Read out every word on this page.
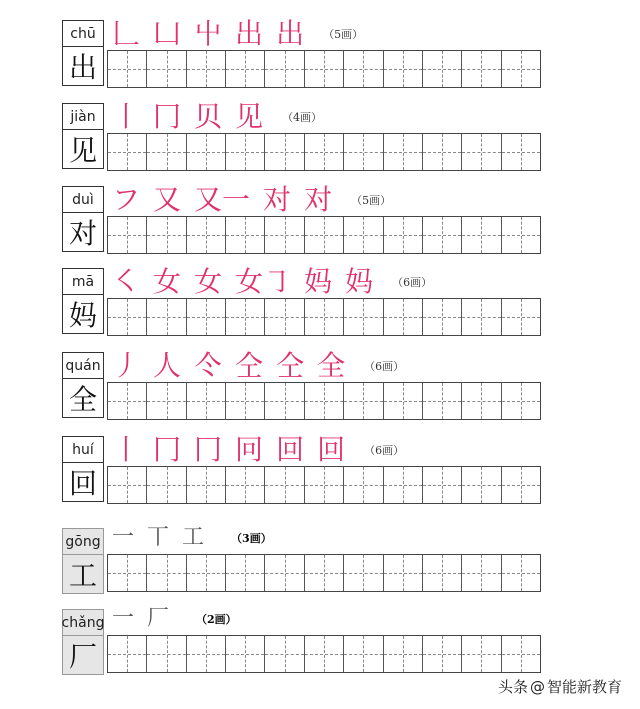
chū
出
𠃊 凵 屮 出 出 （5画）
jiàn
见
丨 冂 贝 见 （4画）
duì
对
フ 又 又一 对 对 （5画）
mā
妈
㇛ 女 女 女㇆ 妈 妈 （6画）
quán
全
丿 人 仒 仝 仝 全 （6画）
huí
回
丨 冂 冂 冋 回 回 （6画）
gōng
工
一 丅 工 （3画）
chǎng
厂
一 厂 （2画）
头条 @ 智能新教育
